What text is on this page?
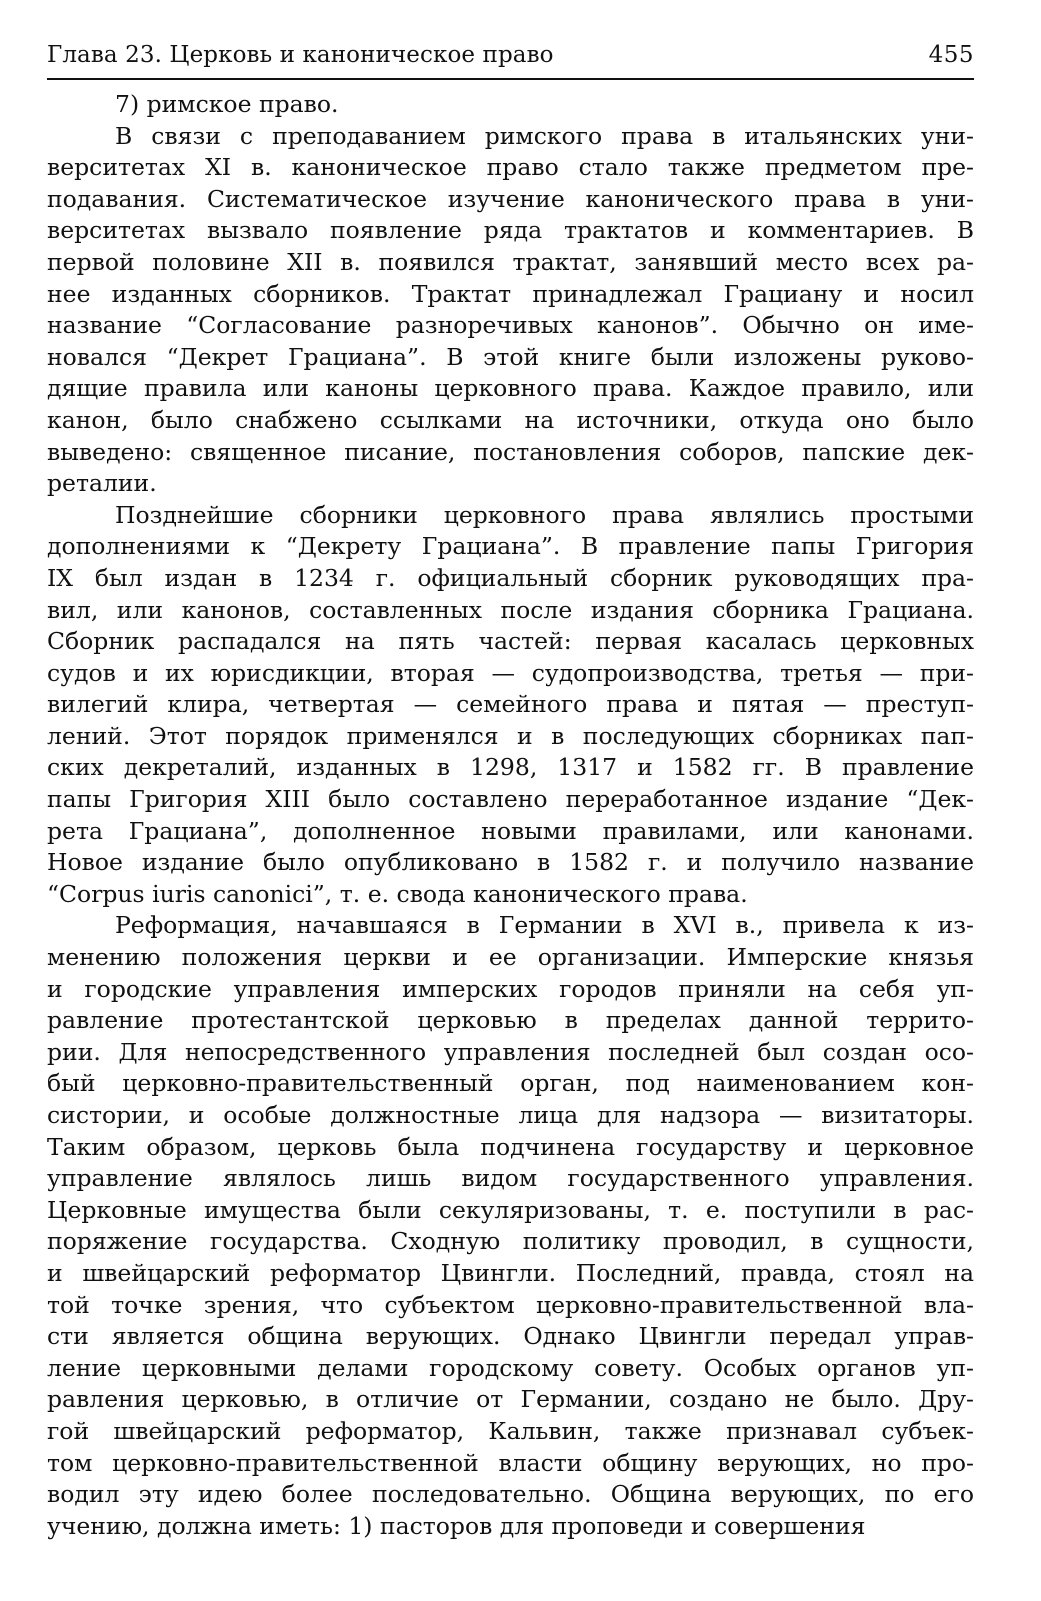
Глава 23. Церковь и каноническое право	455
7) римское право.
В связи с преподаванием римского права в итальянских уни-
верситетах XI в. каноническое право стало также предметом пре-
подавания. Систематическое изучение канонического права в уни-
верситетах вызвало появление ряда трактатов и комментариев. В
первой половине XII в. появился трактат, занявший место всех ра-
нее изданных сборников. Трактат принадлежал Грациану и носил
название “Согласование разноречивых канонов”. Обычно он име-
новался “Декрет Грациана”. В этой книге были изложены руково-
дящие правила или каноны церковного права. Каждое правило, или
канон, было снабжено ссылками на источники, откуда оно было
выведено: священное писание, постановления соборов, папские дек-
реталии.
Позднейшие сборники церковного права являлись простыми
дополнениями к “Декрету Грациана”. В правление папы Григория
IX был издан в 1234 г. официальный сборник руководящих пра-
вил, или канонов, составленных после издания сборника Грациана.
Сборник распадался на пять частей: первая касалась церковных
судов и их юрисдикции, вторая — судопроизводства, третья — при-
вилегий клира, четвертая — семейного права и пятая — преступ-
лений. Этот порядок применялся и в последующих сборниках пап-
ских декреталий, изданных в 1298, 1317 и 1582 гг. В правление
папы Григория XIII было составлено переработанное издание “Дек-
рета Грациана”, дополненное новыми правилами, или канонами.
Новое издание было опубликовано в 1582 г. и получило название
“Corpus iuris canonici”, т. е. свода канонического права.
Реформация, начавшаяся в Германии в XVI в., привела к из-
менению положения церкви и ее организации. Имперские князья
и городские управления имперских городов приняли на себя уп-
равление протестантской церковью в пределах данной террито-
рии. Для непосредственного управления последней был создан осо-
бый церковно-правительственный орган, под наименованием кон-
систории, и особые должностные лица для надзора — визитаторы.
Таким образом, церковь была подчинена государству и церковное
управление являлось лишь видом государственного управления.
Церковные имущества были секуляризованы, т. е. поступили в рас-
поряжение государства. Сходную политику проводил, в сущности,
и швейцарский реформатор Цвингли. Последний, правда, стоял на
той точке зрения, что субъектом церковно-правительственной вла-
сти является община верующих. Однако Цвингли передал управ-
ление церковными делами городскому совету. Особых органов уп-
равления церковью, в отличие от Германии, создано не было. Дру-
гой швейцарский реформатор, Кальвин, также признавал субъек-
том церковно-правительственной власти общину верующих, но про-
водил эту идею более последовательно. Община верующих, по его
учению, должна иметь: 1) пасторов для проповеди и совершения
